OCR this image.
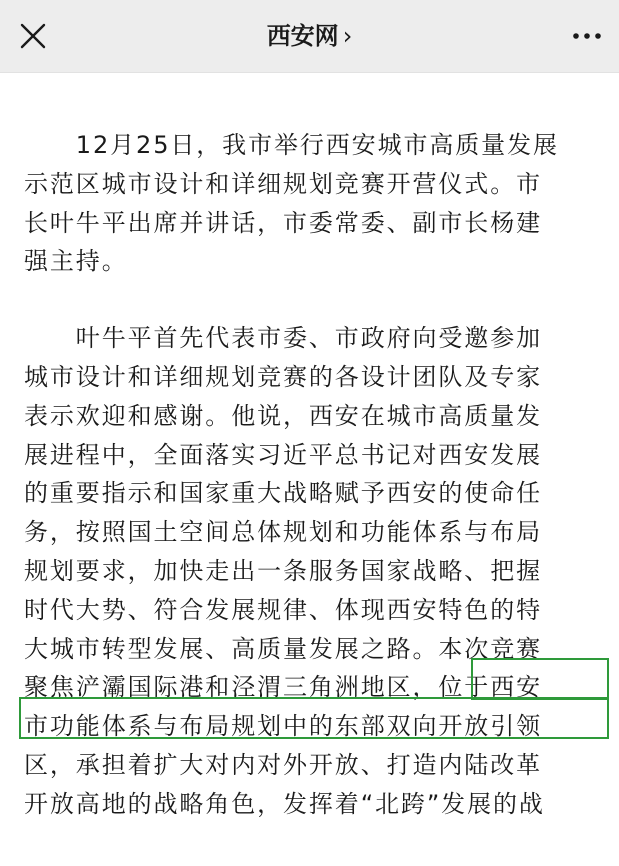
西安网 ›
　　12月25日，我市举行西安城市高质量发展
示范区城市设计和详细规划竞赛开营仪式。市
长叶牛平出席并讲话，市委常委、副市长杨建
强主持。
　　叶牛平首先代表市委、市政府向受邀参加
城市设计和详细规划竞赛的各设计团队及专家
表示欢迎和感谢。他说，西安在城市高质量发
展进程中，全面落实习近平总书记对西安发展
的重要指示和国家重大战略赋予西安的使命任
务，按照国土空间总体规划和功能体系与布局
规划要求，加快走出一条服务国家战略、把握
时代大势、符合发展规律、体现西安特色的特
大城市转型发展、高质量发展之路。本次竞赛
聚焦浐灞国际港和泾渭三角洲地区，位于西安
市功能体系与布局规划中的东部双向开放引领
区，承担着扩大对内对外开放、打造内陆改革
开放高地的战略角色，发挥着“北跨”发展的战
